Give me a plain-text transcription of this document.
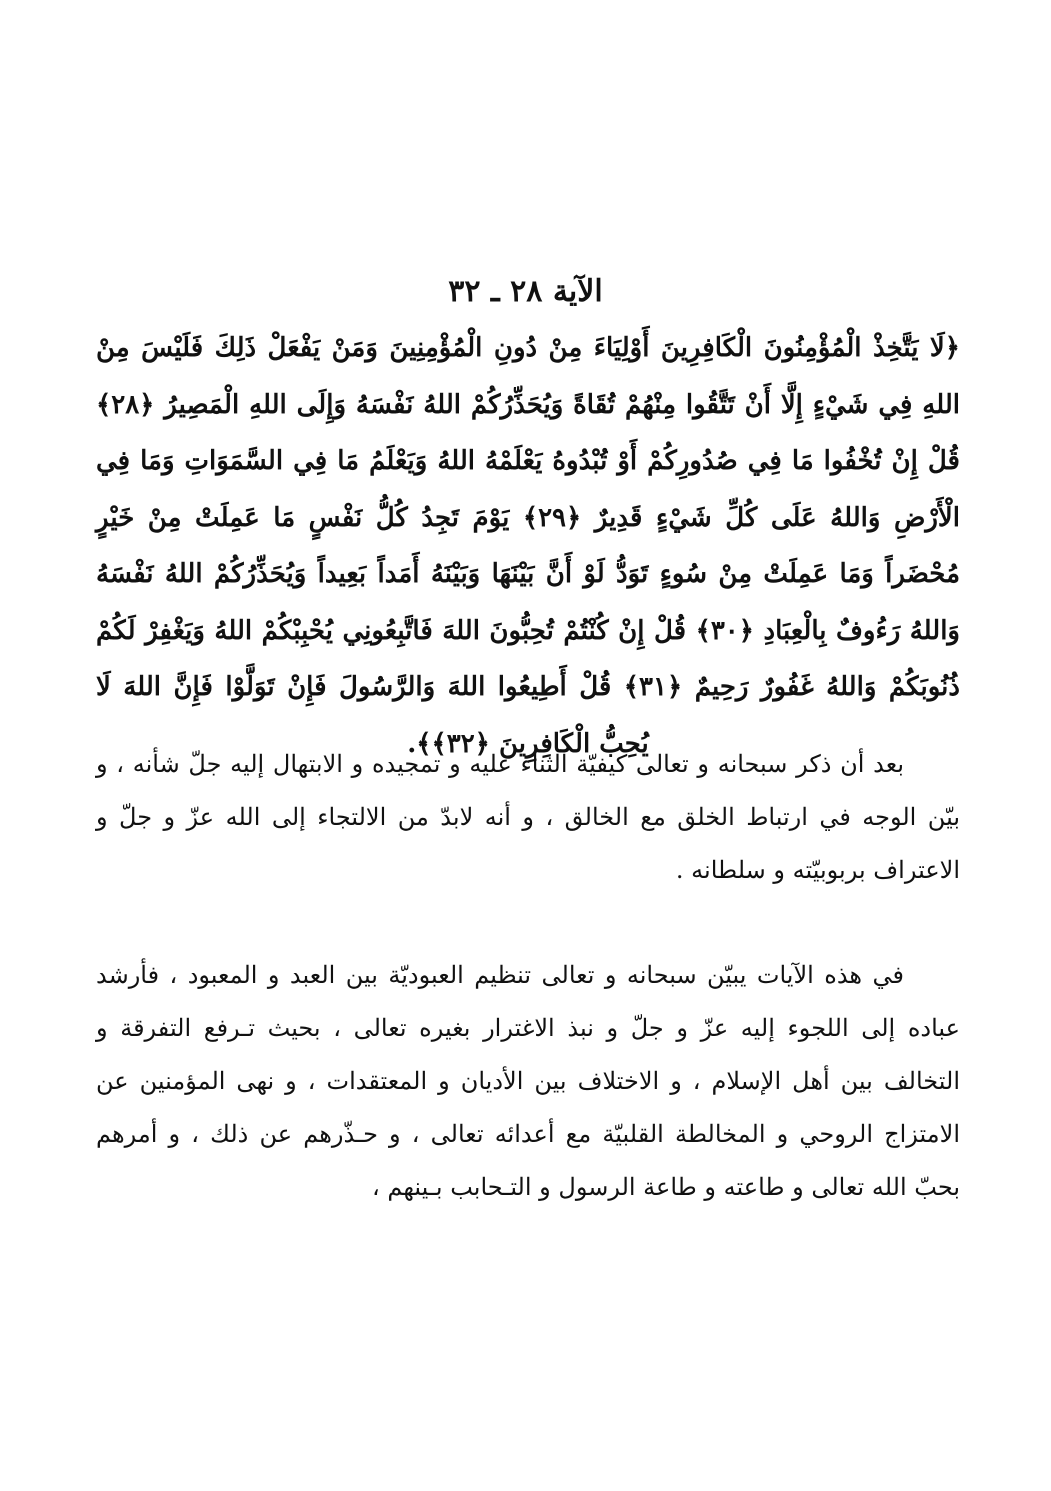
الآية ٢٨ ـ ٣٢
﴿لَا يَتَّخِذْ الْمُؤْمِنُونَ الْكَافِرِينَ أَوْلِيَاءَ مِنْ دُونِ الْمُؤْمِنِينَ وَمَنْ يَفْعَلْ ذَلِكَ فَلَيْسَ مِنْ اللهِ فِي شَيْءٍ إِلَّا أَنْ تَتَّقُوا مِنْهُمْ تُقَاةً وَيُحَذِّرُكُمْ اللهُ نَفْسَهُ وَإِلَى اللهِ الْمَصِيرُ ﴿٢٨﴾ قُلْ إِنْ تُخْفُوا مَا فِي صُدُورِكُمْ أَوْ تُبْدُوهُ يَعْلَمْهُ اللهُ وَيَعْلَمُ مَا فِي السَّمَوَاتِ وَمَا فِي الْأَرْضِ وَاللهُ عَلَى كُلِّ شَيْءٍ قَدِيرٌ ﴿٢٩﴾ يَوْمَ تَجِدُ كُلُّ نَفْسٍ مَا عَمِلَتْ مِنْ خَيْرٍ مُحْضَراً وَمَا عَمِلَتْ مِنْ سُوءٍ تَوَدُّ لَوْ أَنَّ بَيْنَهَا وَبَيْنَهُ أَمَداً بَعِيداً وَيُحَذِّرُكُمْ اللهُ نَفْسَهُ وَاللهُ رَءُوفٌ بِالْعِبَادِ ﴿٣٠﴾ قُلْ إِنْ كُنْتُمْ تُحِبُّونَ اللهَ فَاتَّبِعُونِي يُحْبِبْكُمْ اللهُ وَيَغْفِرْ لَكُمْ ذُنُوبَكُمْ وَاللهُ غَفُورٌ رَحِيمٌ ﴿٣١﴾ قُلْ أَطِيعُوا اللهَ وَالرَّسُولَ فَإِنْ تَوَلَّوْا فَإِنَّ اللهَ لَا يُحِبُّ الْكَافِرِينَ ﴿٣٢﴾﴾.

بعد أن ذكر سبحانه و تعالى كيفيّة الثناء عليه و تمجيده و الابتهال إليه جلّ شأنه ، و بيّن الوجه في ارتباط الخلق مع الخالق ، و أنه لابدّ من الالتجاء إلى الله عزّ و جلّ و الاعتراف بربوبيّته و سلطانه .

في هذه الآيات يبيّن سبحانه و تعالى تنظيم العبوديّة بين العبد و المعبود ، فأرشد عباده إلى اللجوء إليه عزّ و جلّ و نبذ الاغترار بغيره تعالى ، بحيث تـرفع التفرقة و التخالف بين أهل الإسلام ، و الاختلاف بين الأديان و المعتقدات ، و نهى المؤمنين عن الامتزاج الروحي و المخالطة القلبيّة مع أعدائه تعالى ، و حـذّرهم عن ذلك ، و أمرهم بحبّ الله تعالى و طاعته و طاعة الرسول و التـحابب بـينهم ،
